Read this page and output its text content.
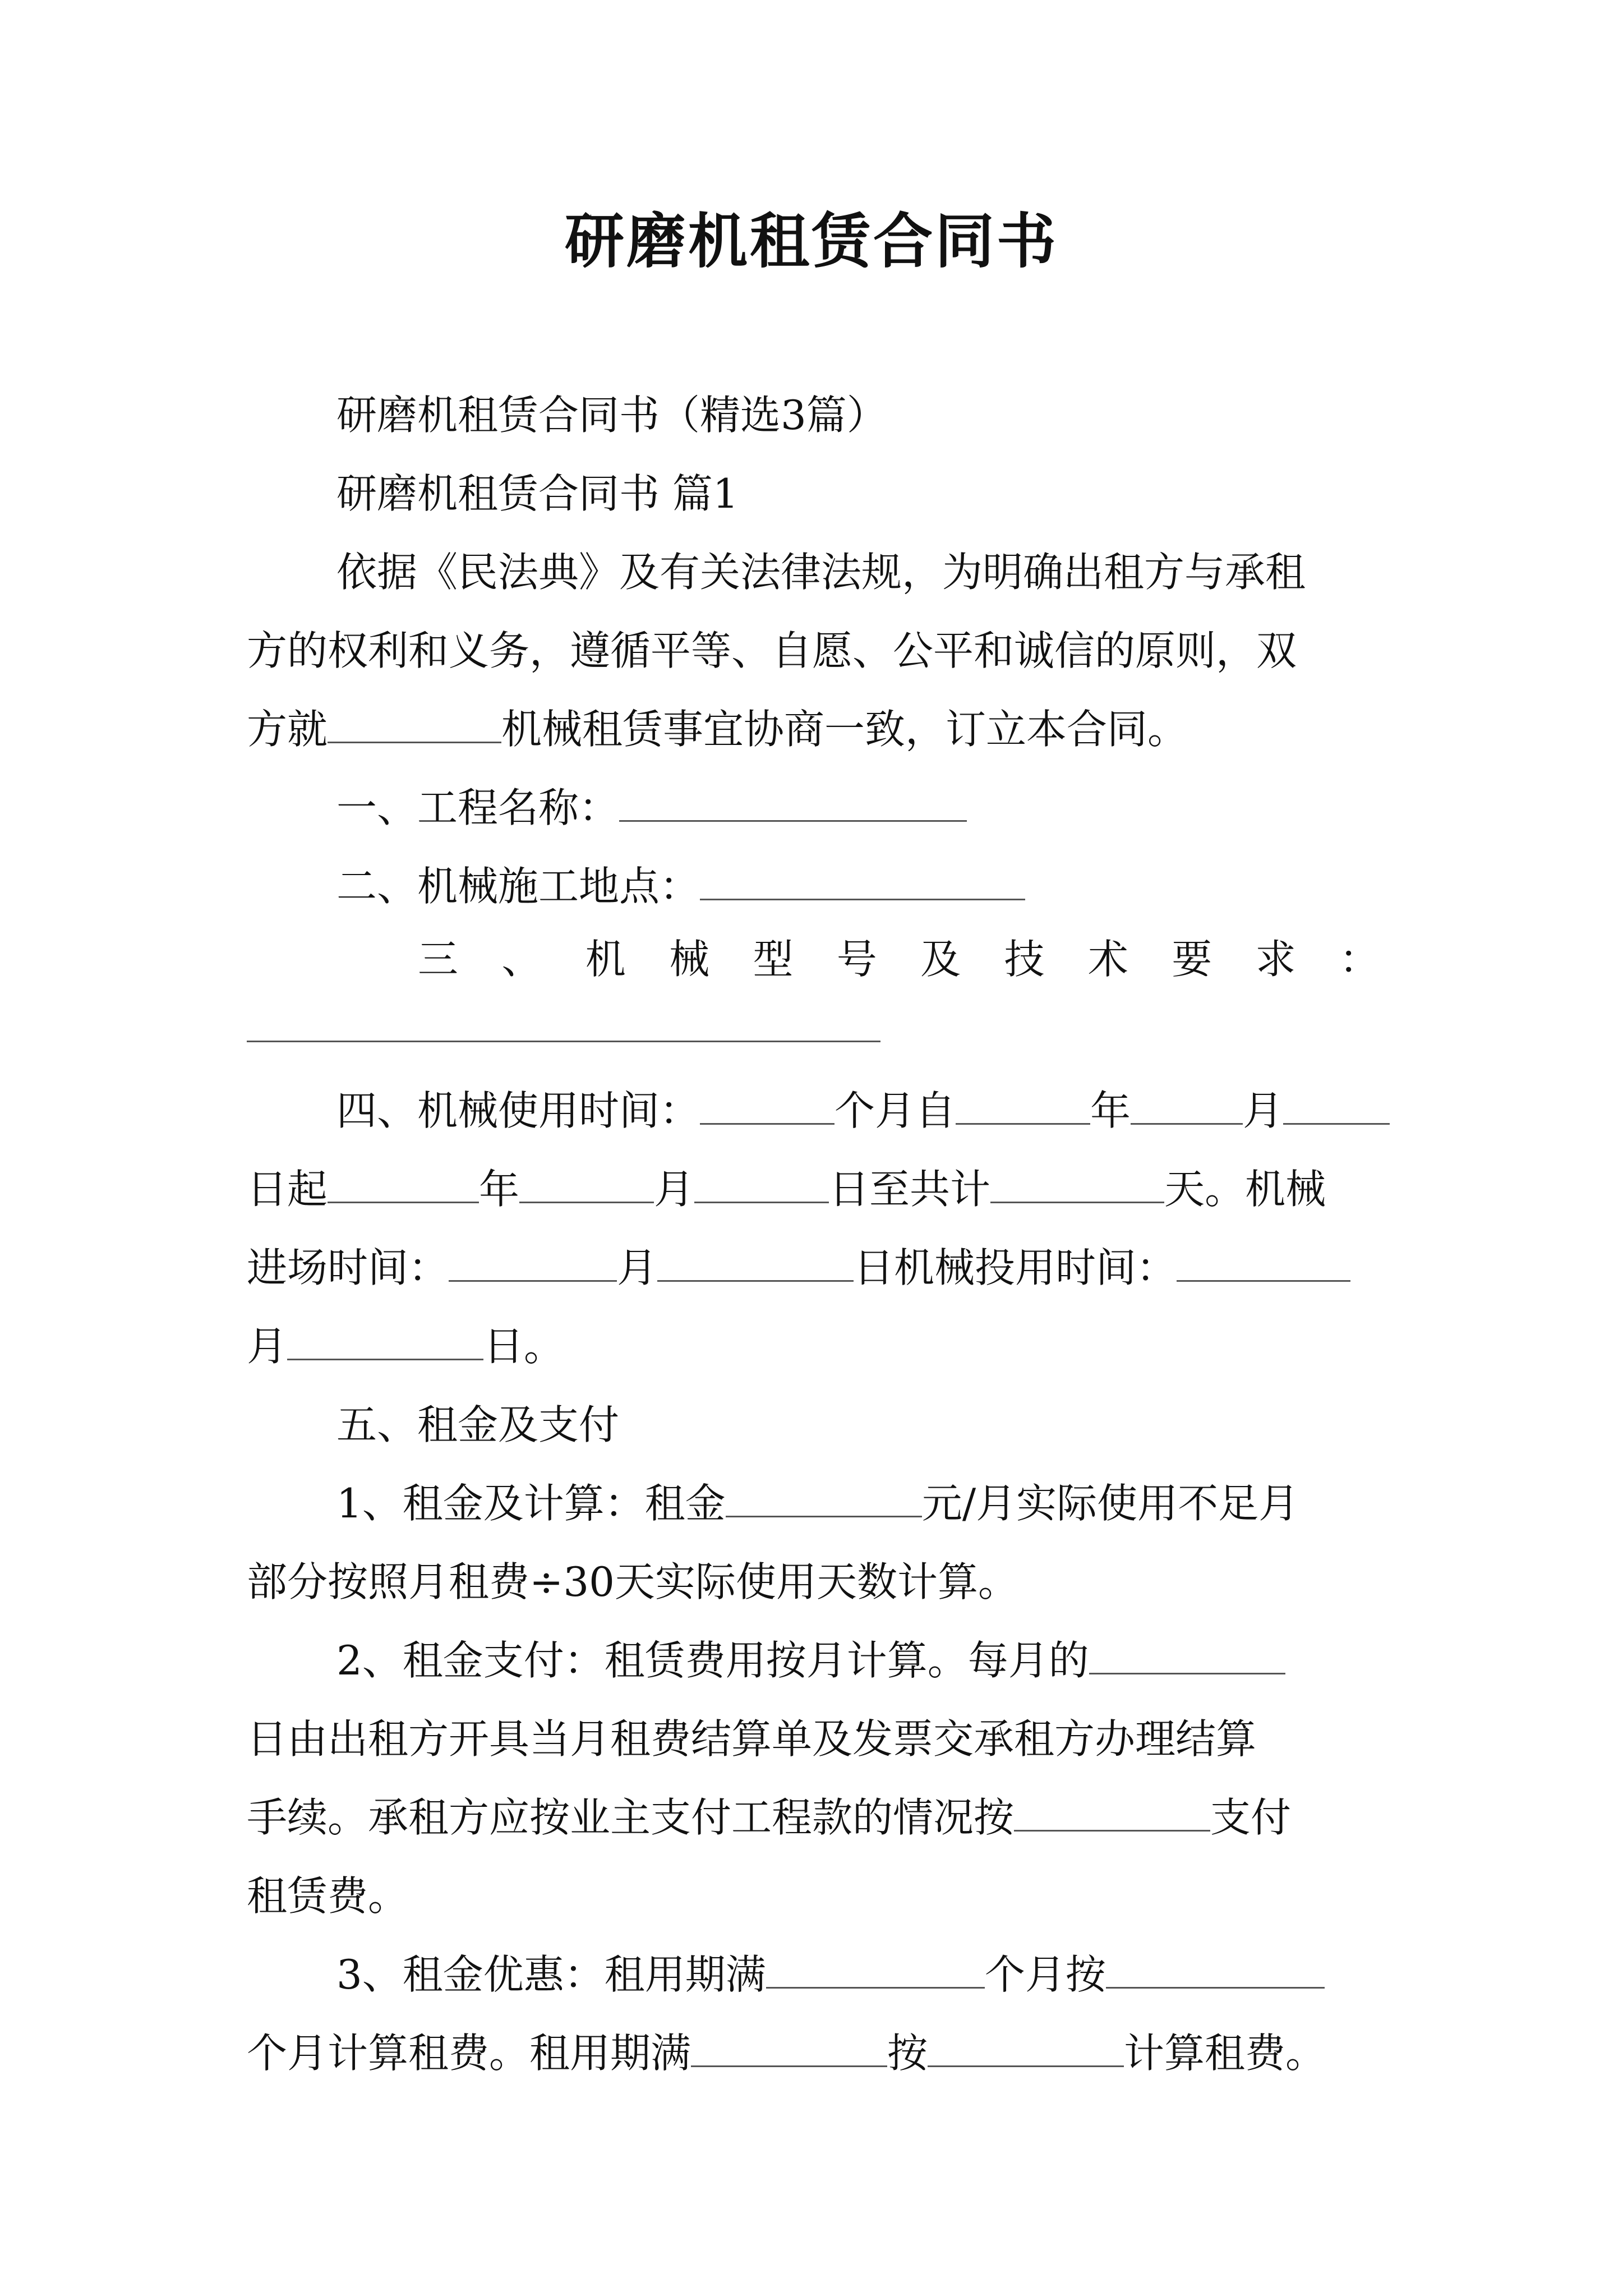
研磨机租赁合同书
研磨机租赁合同书（精选3篇）
研磨机租赁合同书 篇1
依据《民法典》及有关法律法规，为明确出租方与承租
方的权利和义务，遵循平等、自愿、公平和诚信的原则，双
方就	机械租赁事宜协商一致，订立本合同。
一、工程名称：
二、机械施工地点：
三 、 机 械 型 号 及 技 术 要 求 ：
四、机械使用时间：	个月自	年	月
日起	年	月	日至共计	天。机械
进场时间：	月	日机械投用时间：
月	日。
五、租金及支付
1、租金及计算：租金	元/月实际使用不足月
部分按照月租费÷30天实际使用天数计算。
2、租金支付：租赁费用按月计算。每月的
日由出租方开具当月租费结算单及发票交承租方办理结算
手续。承租方应按业主支付工程款的情况按	支付
租赁费。
3、租金优惠：租用期满	个月按
个月计算租费。租用期满	按	计算租费。
